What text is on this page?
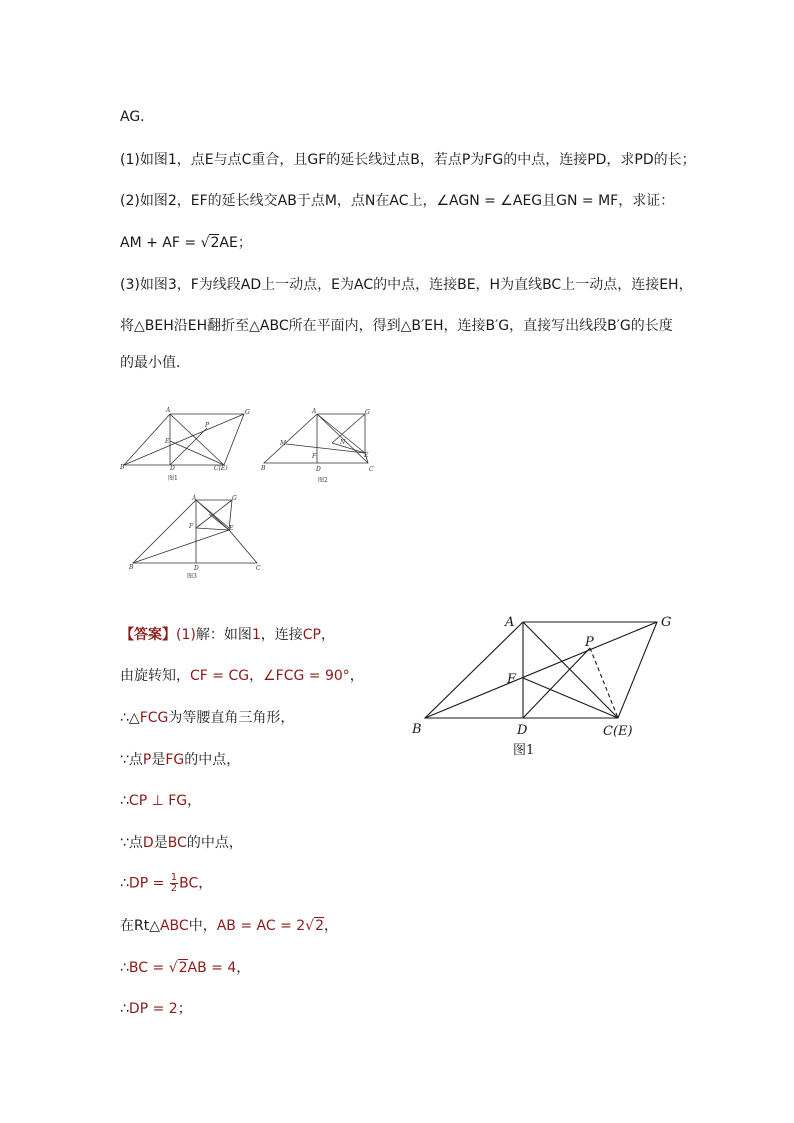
AG．
(1)如图1，点E与点C重合，且GF的延长线过点B，若点P为FG的中点，连接PD，求PD的长；
(2)如图2，EF的延长线交AB于点M，点N在AC上，∠AGN = ∠AEG且GN = MF，求证：
AM + AF = √2AE；
(3)如图3，F为线段AD上一动点，E为AC的中点，连接BE，H为直线BC上一动点，连接EH，
将△BEH沿EH翻折至△ABC所在平面内，得到△B′EH，连接B′G，直接写出线段B′G的长度
的最小值．
A	G
P
E
B	D	C(E)
图1
A	G
M	N
F	E
B	D	C
图2
A	G
F	E
B	D	C
图3
【答案】(1)解：如图1，连接CP，
由旋转知，CF = CG，∠FCG = 90°，
∴△FCG为等腰直角三角形，
∵点P是FG的中点，
∴CP ⊥ FG，
∵点D是BC的中点，
∴DP = $\frac{1}{2}$ BC，
在Rt△ABC中，AB = AC = 2√2，
∴BC = √2AB = 4，
∴DP = 2；
A	G
P
F
B	D	C(E)
图1
